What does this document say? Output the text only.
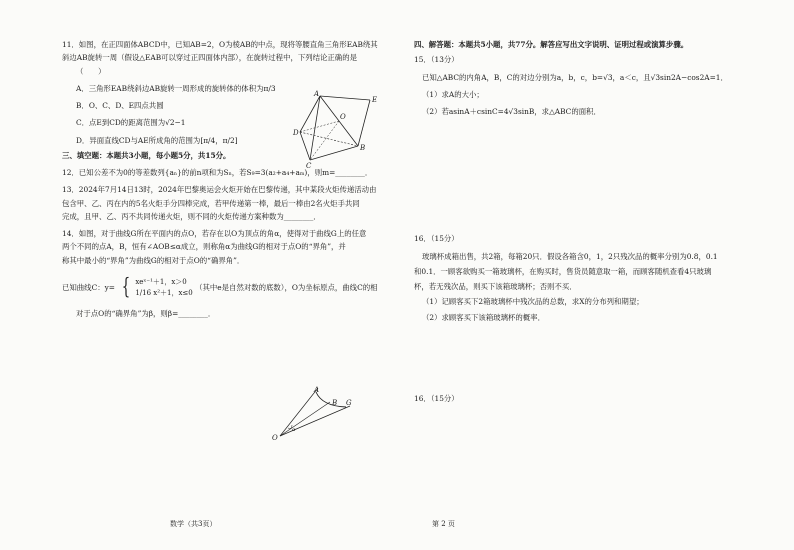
11．如图，在正四面体ABCD中，已知AB=2，O为棱AB的中点，现将等腰直角三角形EAB绕其

斜边AB旋转一周（假设△EAB可以穿过正四面体内部），在旋转过程中，下列结论正确的是

（　　）

A．三角形EAB绕斜边AB旋转一周形成的旋转体的体积为π/3

B．O、C、D、E四点共圆

C．点E到CD的距离范围为√2−1

D．异面直线CD与AE所成角的范围为[π/4，π/2]

三、填空题：本题共3小题，每小题5分，共15分。

12．已知公差不为0的等差数列{aₙ}的前n项和为Sₙ，若S₉=3(a₂+a₄+aₘ)，则m=________．

13．2024年7月14日13时，2024年巴黎奥运会火炬开始在巴黎传递，其中某段火炬传递活动由

包含甲、乙、丙在内的5名火炬手分四棒完成，若甲传递第一棒，最后一棒由2名火炬手共同

完成，且甲、乙、丙不共同传递火炬，则不同的火炬传递方案种数为________．

14．如图，对于曲线G所在平面内的点O，若存在以O为顶点的角α，使得对于曲线G上的任意

两个不同的点A，B，恒有∠AOB≤α成立，则称角α为曲线G的相对于点O的“界角”，并

称其中最小的“界角”为曲线G的相对于点O的“确界角”．

已知曲线C：y= { xeˣ⁻¹＋1，x＞0
1/16 x²＋1，x≤0
（其中e是自然对数的底数），O为坐标原点，曲线C的相

对于点O的“确界角”为β，则β=________．

A
E
O
D
B
C
A
B G
O
α

四、解答题：本题共5小题，共77分。解答应写出文字说明、证明过程或演算步骤。

15．（13分）

已知△ABC的内角A，B，C的对边分别为a，b，c，b=√3，a＜c，且√3sin2A−cos2A=1．

（1）求A的大小；

（2）若asinA＋csinC=4√3sinB，求△ABC的面积．

16．（15分）

玻璃杯成箱出售，共2箱，每箱20只．假设各箱含0，1，2只残次品的概率分别为0.8，0.1

和0.1．一顾客欲购买一箱玻璃杯，在购买时，售货员随意取一箱，而顾客随机查看4只玻璃

杯，若无残次品，则买下该箱玻璃杯；否则不买．

（1）记顾客买下2箱玻璃杯中残次品的总数，求X的分布列和期望；

（2）求顾客买下该箱玻璃杯的概率．

16．（15分）

数学（共3页）	第 2 页
